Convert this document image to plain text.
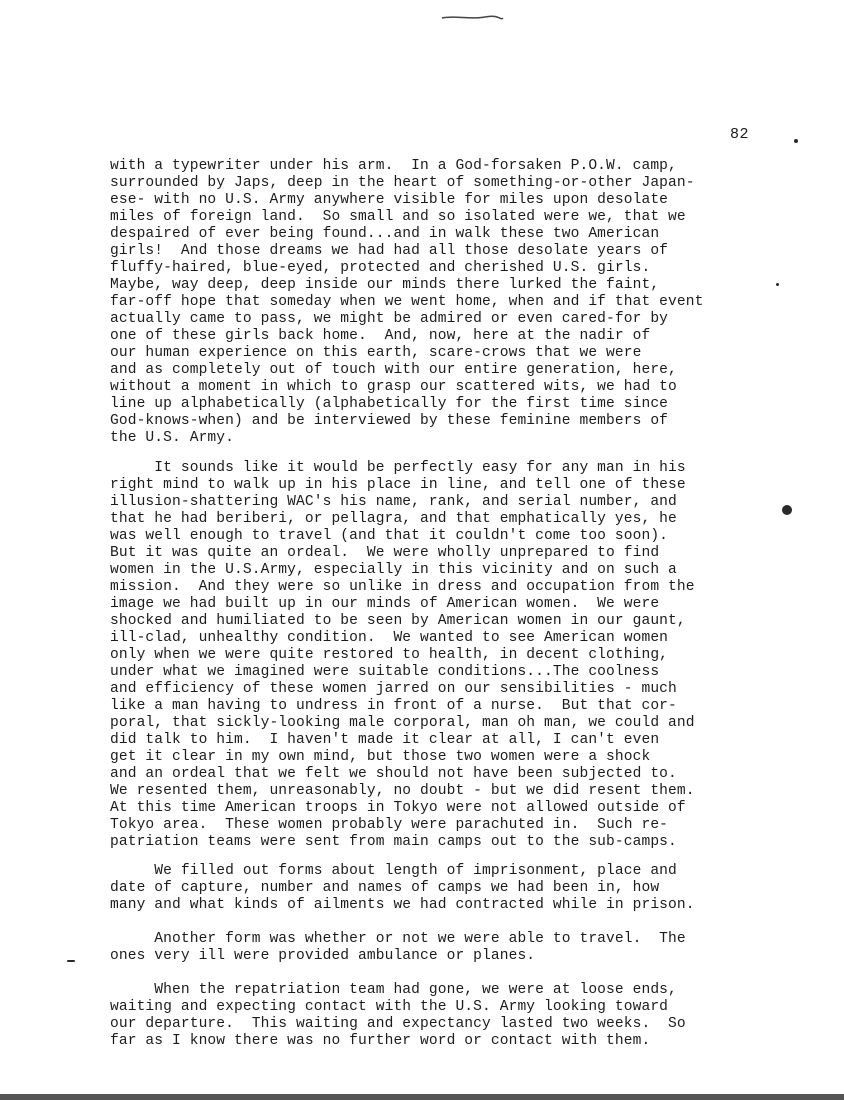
82
with a typewriter under his arm.  In a God-forsaken P.O.W. camp,
surrounded by Japs, deep in the heart of something-or-other Japan-
ese- with no U.S. Army anywhere visible for miles upon desolate
miles of foreign land.  So small and so isolated were we, that we
despaired of ever being found...and in walk these two American
girls!  And those dreams we had had all those desolate years of
fluffy-haired, blue-eyed, protected and cherished U.S. girls.
Maybe, way deep, deep inside our minds there lurked the faint,
far-off hope that someday when we went home, when and if that event
actually came to pass, we might be admired or even cared-for by
one of these girls back home.  And, now, here at the nadir of
our human experience on this earth, scare-crows that we were
and as completely out of touch with our entire generation, here,
without a moment in which to grasp our scattered wits, we had to
line up alphabetically (alphabetically for the first time since
God-knows-when) and be interviewed by these feminine members of
the U.S. Army.
It sounds like it would be perfectly easy for any man in his
right mind to walk up in his place in line, and tell one of these
illusion-shattering WAC's his name, rank, and serial number, and
that he had beriberi, or pellagra, and that emphatically yes, he
was well enough to travel (and that it couldn't come too soon).
But it was quite an ordeal.  We were wholly unprepared to find
women in the U.S.Army, especially in this vicinity and on such a
mission.  And they were so unlike in dress and occupation from the
image we had built up in our minds of American women.  We were
shocked and humiliated to be seen by American women in our gaunt,
ill-clad, unhealthy condition.  We wanted to see American women
only when we were quite restored to health, in decent clothing,
under what we imagined were suitable conditions...The coolness
and efficiency of these women jarred on our sensibilities - much
like a man having to undress in front of a nurse.  But that cor-
poral, that sickly-looking male corporal, man oh man, we could and
did talk to him.  I haven't made it clear at all, I can't even
get it clear in my own mind, but those two women were a shock
and an ordeal that we felt we should not have been subjected to.
We resented them, unreasonably, no doubt - but we did resent them.
At this time American troops in Tokyo were not allowed outside of
Tokyo area.  These women probably were parachuted in.  Such re-
patriation teams were sent from main camps out to the sub-camps.
We filled out forms about length of imprisonment, place and
date of capture, number and names of camps we had been in, how
many and what kinds of ailments we had contracted while in prison.
Another form was whether or not we were able to travel.  The
ones very ill were provided ambulance or planes.
When the repatriation team had gone, we were at loose ends,
waiting and expecting contact with the U.S. Army looking toward
our departure.  This waiting and expectancy lasted two weeks.  So
far as I know there was no further word or contact with them.
